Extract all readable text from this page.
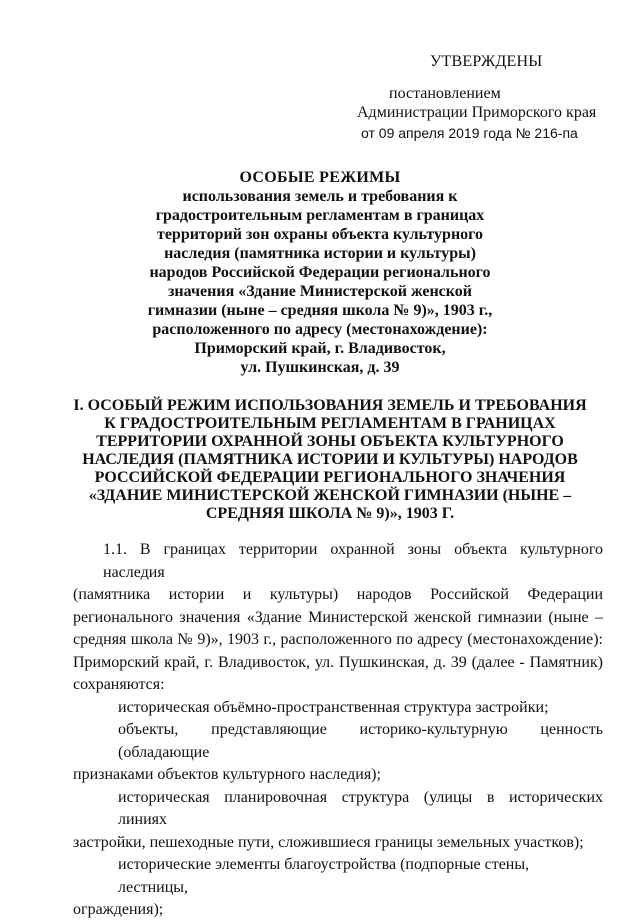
УТВЕРЖДЕНЫ
постановлением
Администрации Приморского края
от 09 апреля 2019 года № 216-па
ОСОБЫЕ РЕЖИМЫ
использования земель и требования к
градостроительным регламентам в границах
территорий зон охраны объекта культурного
наследия (памятника истории и культуры)
народов Российской Федерации регионального
значения «Здание Министерской женской
гимназии (ныне – средняя школа № 9)», 1903 г.,
расположенного по адресу (местонахождение):
Приморский край, г. Владивосток,
ул. Пушкинская, д. 39
I. ОСОБЫЙ РЕЖИМ ИСПОЛЬЗОВАНИЯ ЗЕМЕЛЬ И ТРЕБОВАНИЯ
К ГРАДОСТРОИТЕЛЬНЫМ РЕГЛАМЕНТАМ В ГРАНИЦАХ
ТЕРРИТОРИИ ОХРАННОЙ ЗОНЫ ОБЪЕКТА КУЛЬТУРНОГО
НАСЛЕДИЯ (ПАМЯТНИКА ИСТОРИИ И КУЛЬТУРЫ) НАРОДОВ
РОССИЙСКОЙ ФЕДЕРАЦИИ РЕГИОНАЛЬНОГО ЗНАЧЕНИЯ
«ЗДАНИЕ МИНИСТЕРСКОЙ ЖЕНСКОЙ ГИМНАЗИИ (НЫНЕ –
СРЕДНЯЯ ШКОЛА № 9)», 1903 Г.
1.1. В границах территории охранной зоны объекта культурного наследия
(памятника истории и культуры) народов Российской Федерации
регионального значения «Здание Министерской женской гимназии (ныне –
средняя школа № 9)», 1903 г., расположенного по адресу (местонахождение):
Приморский край, г. Владивосток, ул. Пушкинская, д. 39 (далее - Памятник)
сохраняются:
историческая объёмно-пространственная структура застройки;
объекты, представляющие историко-культурную ценность (обладающие
признаками объектов культурного наследия);
историческая планировочная структура (улицы в исторических линиях
застройки, пешеходные пути, сложившиеся границы земельных участков);
исторические элементы благоустройства (подпорные стены, лестницы,
ограждения);
